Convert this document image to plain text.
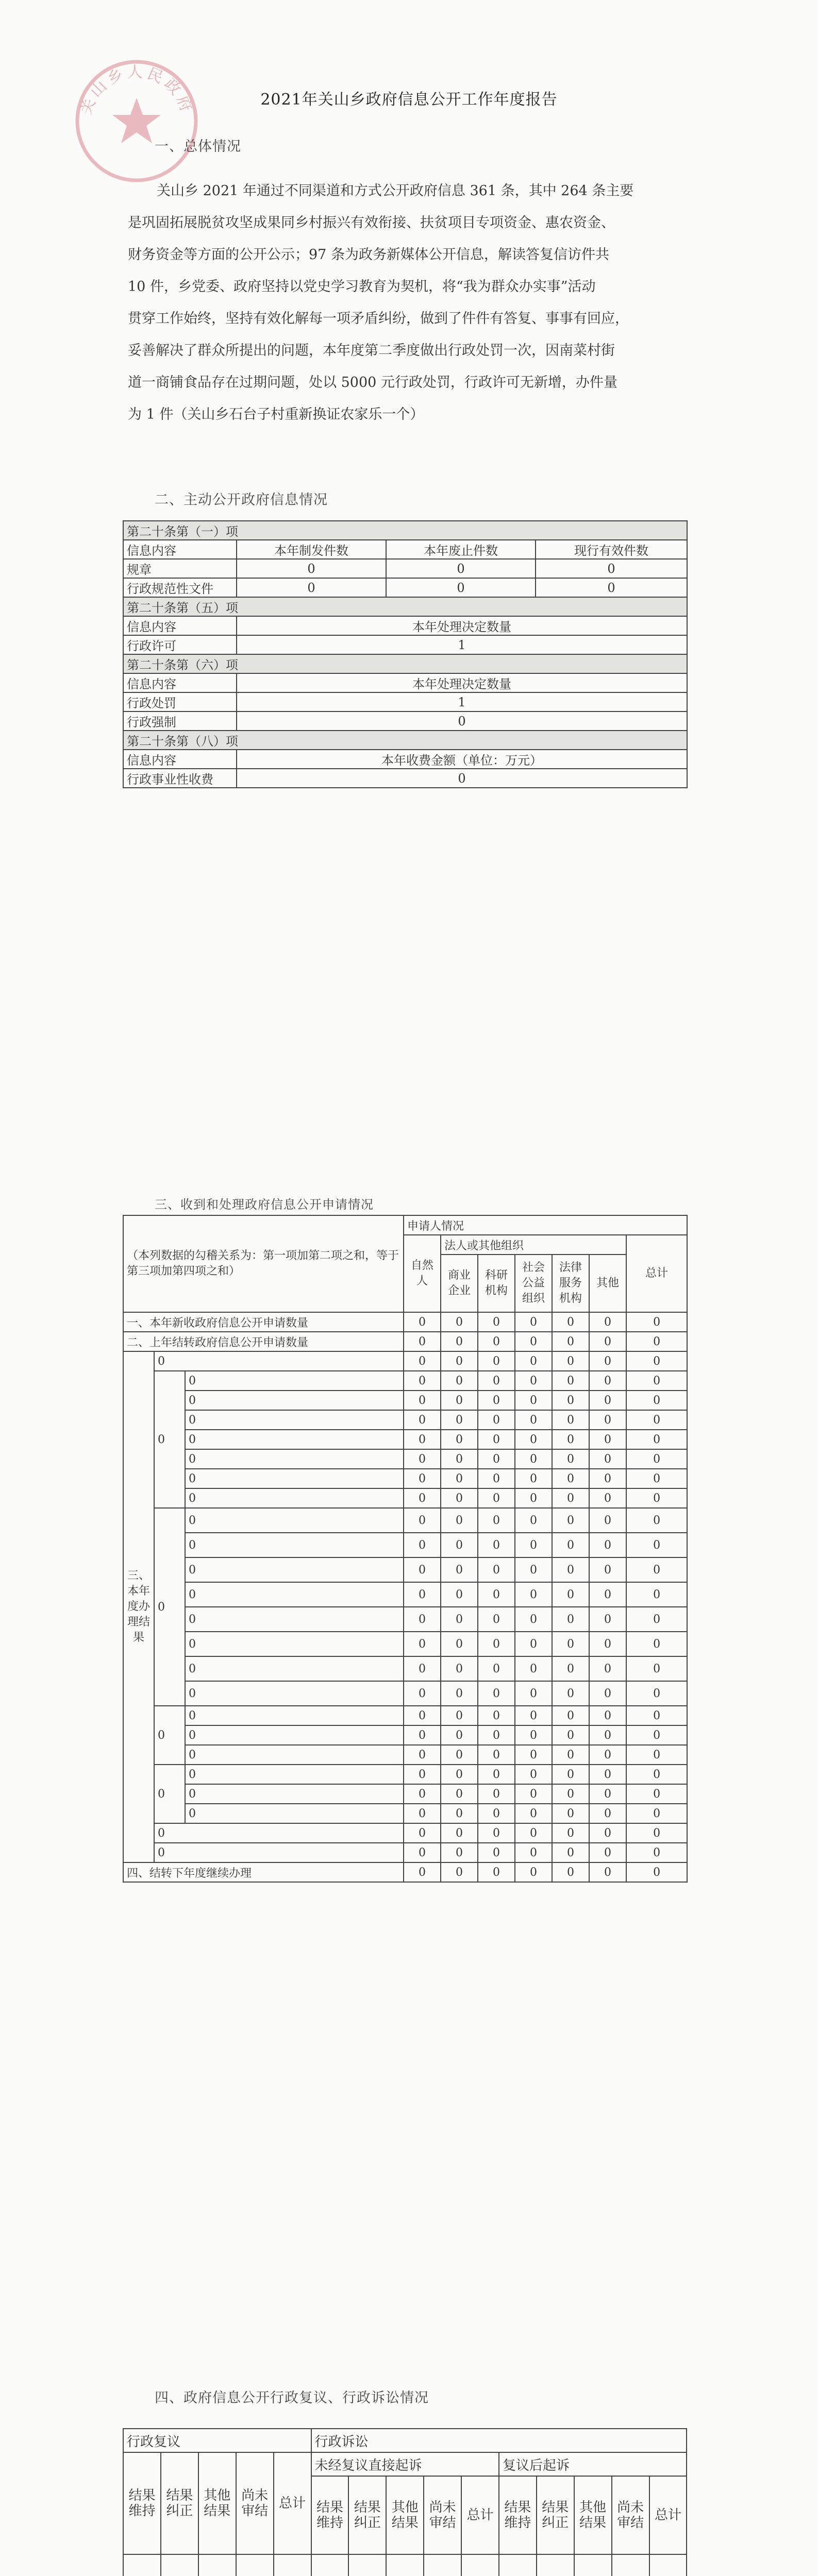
关山乡人民政府	2021年关山乡政府信息公开工作年度报告
一、总体情况
关山乡 2021 年通过不同渠道和方式公开政府信息 361 条，其中 264 条主要
是巩固拓展脱贫攻坚成果同乡村振兴有效衔接、扶贫项目专项资金、惠农资金、
财务资金等方面的公开公示；97 条为政务新媒体公开信息，解读答复信访件共
10 件，乡党委、政府坚持以党史学习教育为契机，将“我为群众办实事”活动
贯穿工作始终，坚持有效化解每一项矛盾纠纷，做到了件件有答复、事事有回应，
妥善解决了群众所提出的问题，本年度第二季度做出行政处罚一次，因南菜村街
道一商铺食品存在过期问题，处以 5000 元行政处罚，行政许可无新增，办件量
为 1 件（关山乡石台子村重新换证农家乐一个）
二、主动公开政府信息情况
第二十条第（一）项			
信息内容	本年制发件数	本年废止件数	现行有效件数
规章	0	0	0
行政规范性文件	0	0	0
第二十条第（五）项			
信息内容	本年处理决定数量		
行政许可	1		
第二十条第（六）项			
信息内容	本年处理决定数量		
行政处罚	1		
行政强制	0		
第二十条第（八）项			
信息内容	本年收费金额（单位：万元）		
行政事业性收费	0		
三、收到和处理政府信息公开申请情况
（本列数据的勾稽关系为：第一项加第二项之和，等于第三项加第四项之和）			申请人情况						
			自然人	法人或其他组织					总计
				商业企业	科研机构	社会公益组织	法律服务机构	其他	
一、本年新收政府信息公开申请数量			0	0	0	0	0	0	0
二、上年结转政府信息公开申请数量			0	0	0	0	0	0	0
三、本年度办理结果	0		0	0	0	0	0	0	0
	0	0	0	0	0	0	0	0	0
		0	0	0	0	0	0	0	0
		0	0	0	0	0	0	0	0
		0	0	0	0	0	0	0	0
		0	0	0	0	0	0	0	0
		0	0	0	0	0	0	0	0
		0	0	0	0	0	0	0	0
	0	0	0	0	0	0	0	0	0
		0	0	0	0	0	0	0	0
		0	0	0	0	0	0	0	0
		0	0	0	0	0	0	0	0
		0	0	0	0	0	0	0	0
		0	0	0	0	0	0	0	0
		0	0	0	0	0	0	0	0
		0	0	0	0	0	0	0	0
	0	0	0	0	0	0	0	0	0
		0	0	0	0	0	0	0	0
		0	0	0	0	0	0	0	0
	0	0	0	0	0	0	0	0	0
		0	0	0	0	0	0	0	0
		0	0	0	0	0	0	0	0
	0		0	0	0	0	0	0	0
	0		0	0	0	0	0	0	0
四、结转下年度继续办理			0	0	0	0	0	0	0
四、政府信息公开行政复议、行政诉讼情况
行政复议					行政诉讼									
结果维持	结果纠正	其他结果	尚未审结	总计	未经复议直接起诉					复议后起诉				
					结果维持	结果纠正	其他结果	尚未审结	总计	结果维持	结果纠正	其他结果	尚未审结	总计
